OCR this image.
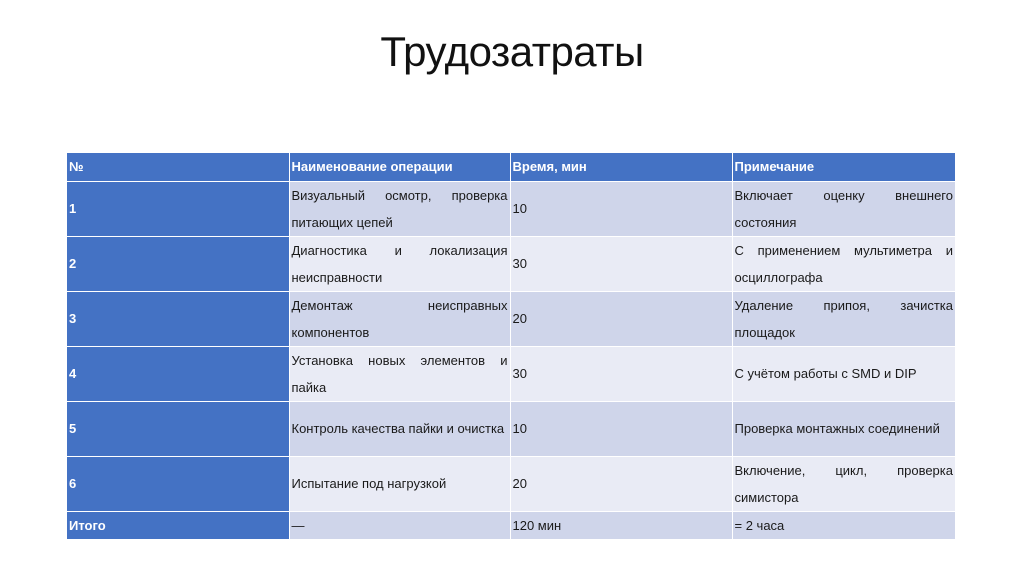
Трудозатраты
№	Наименование операции	Время, мин	Примечание
1	Визуальный осмотр, проверка питающих цепей	10	Включает оценку внешнего состояния
2	Диагностика и локализация неисправности	30	С применением мультиметра и осциллографа
3	Демонтаж неисправных компонентов	20	Удаление припоя, зачистка площадок
4	Установка новых элементов и пайка	30	С учётом работы с SMD и DIP
5	Контроль качества пайки и очистка	10	Проверка монтажных соединений
6	Испытание под нагрузкой	20	Включение, цикл, проверка симистора
Итого	—	120 мин	= 2 часа
